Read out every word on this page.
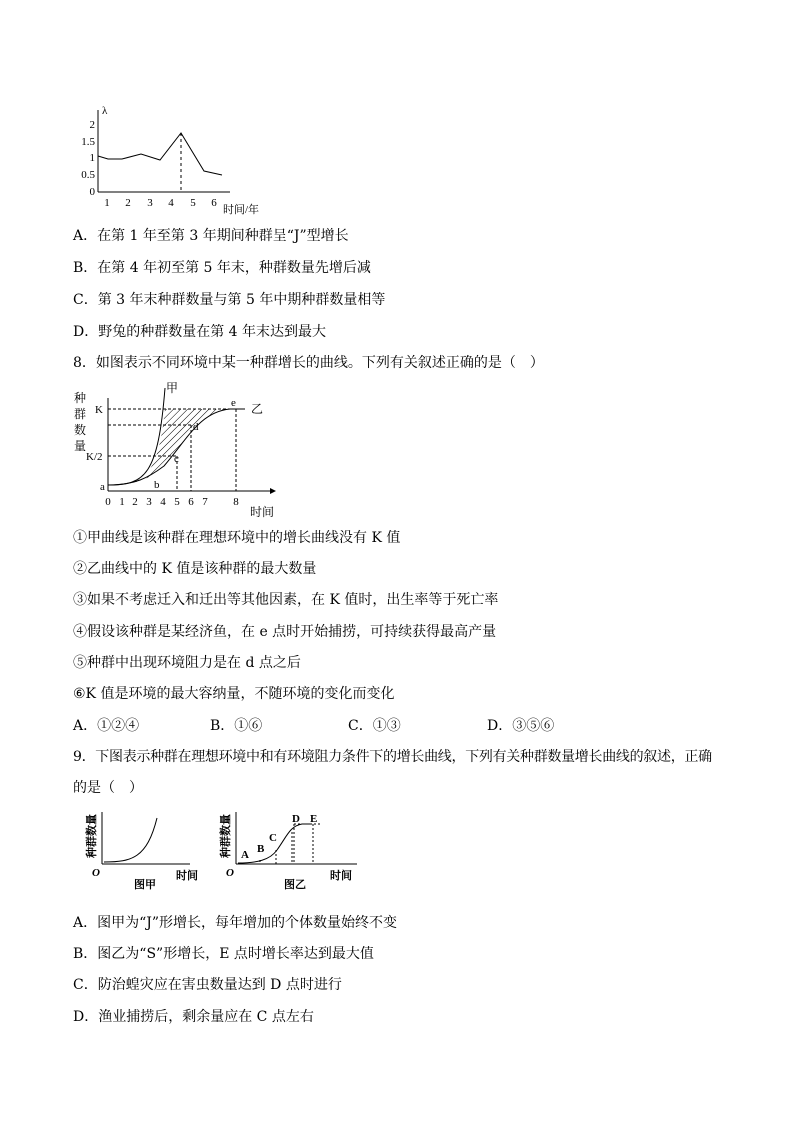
λ
2
1.5
1
0.5
0
1 2 3 4 5 6
时间/年
A．在第 1 年至第 3 年期间种群呈“J”型增长
B．在第 4 年初至第 5 年末，种群数量先增后减
C．第 3 年末种群数量与第 5 年中期种群数量相等
D．野兔的种群数量在第 4 年末达到最大
8．如图表示不同环境中某一种群增长的曲线。下列有关叙述正确的是（　）
种
群
数
量
K
K/2
甲
乙
a	b
c
d
e
0 1 2 3 4 5 6 7 8
时间
①甲曲线是该种群在理想环境中的增长曲线没有 K 值
②乙曲线中的 K 值是该种群的最大数量
③如果不考虑迁入和迁出等其他因素，在 K 值时，出生率等于死亡率
④假设该种群是某经济鱼，在 e 点时开始捕捞，可持续获得最高产量
⑤种群中出现环境阻力是在 d 点之后
⑥K 值是环境的最大容纳量，不随环境的变化而变化
A．①②④	B．①⑥	C．①③	D．③⑤⑥
9．下图表示种群在理想环境中和有环境阻力条件下的增长曲线，下列有关种群数量增长曲线的叙述，正确
的是（　）
种群数量
O	时间
图甲
种群数量 A B
C
D E
O	时间
图乙
A．图甲为“J”形增长，每年增加的个体数量始终不变
B．图乙为“S”形增长，E 点时增长率达到最大值
C．防治蝗灾应在害虫数量达到 D 点时进行
D．渔业捕捞后，剩余量应在 C 点左右
